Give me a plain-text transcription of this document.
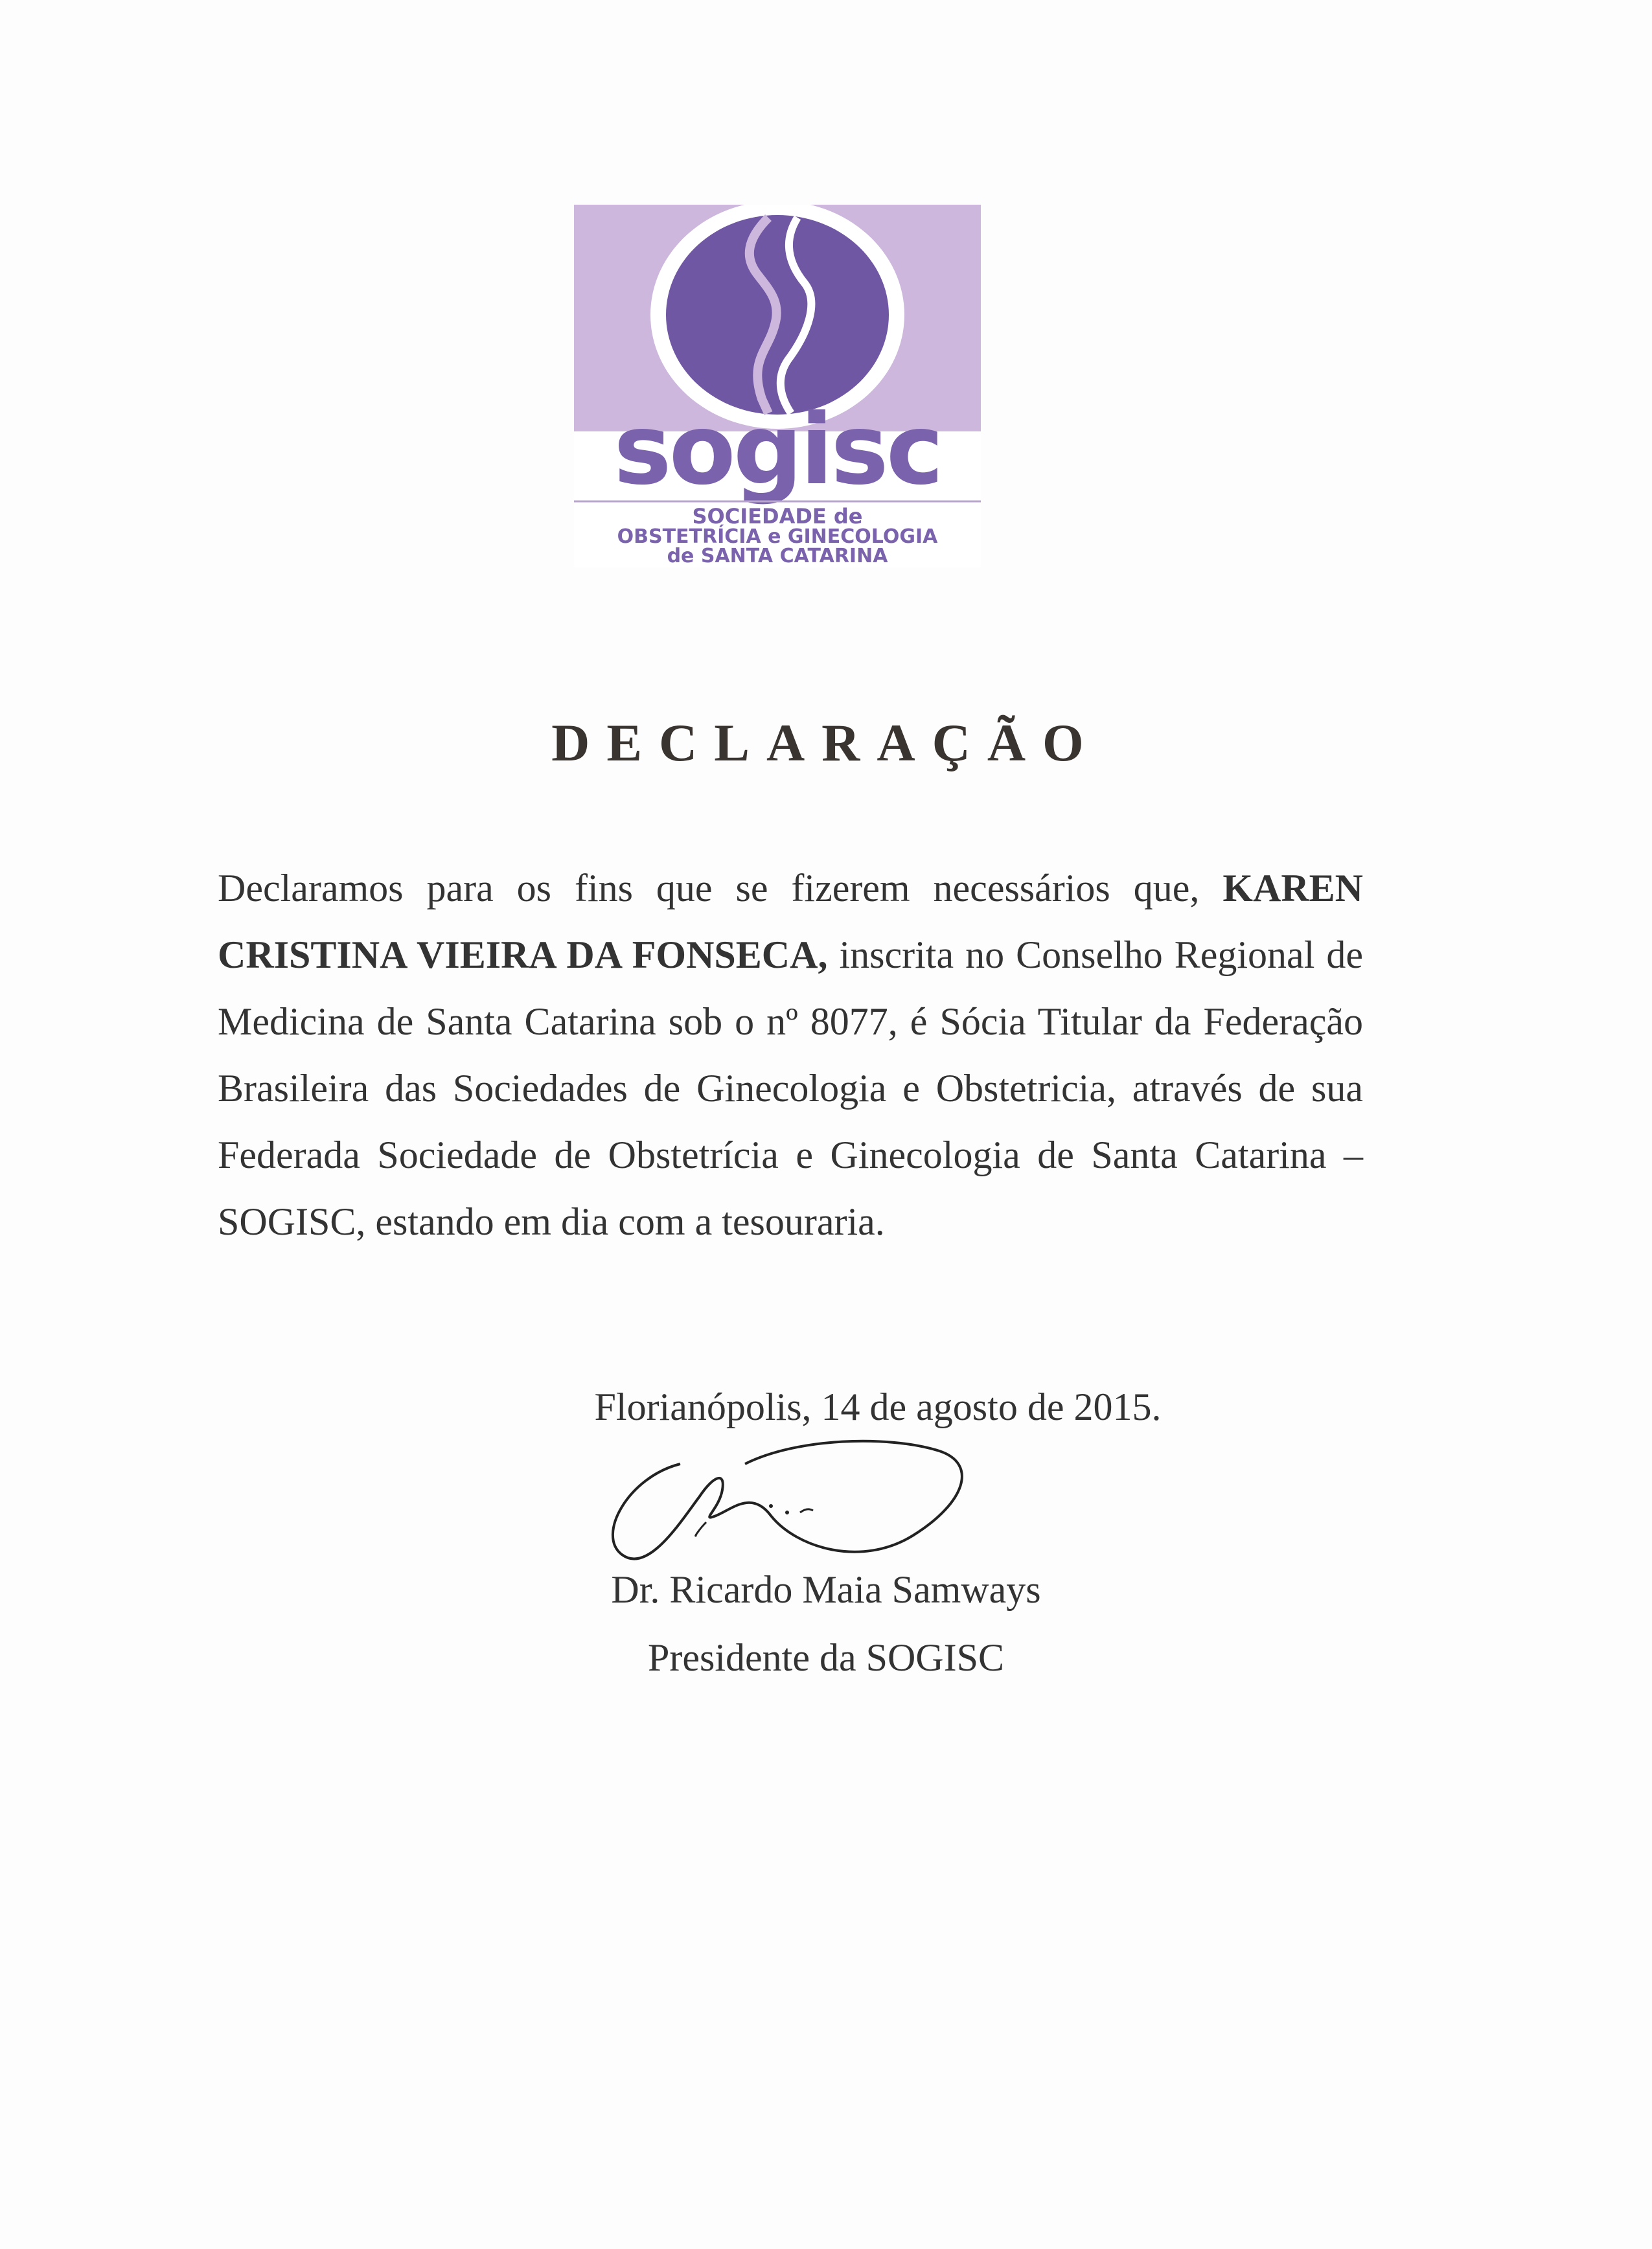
sogisc
SOCIEDADE de
OBSTETRÍCIA e GINECOLOGIA
de SANTA CATARINA
DECLARAÇÃO
Declaramos para os fins que se fizerem necessários que, KAREN CRISTINA VIEIRA DA FONSECA, inscrita no Conselho Regional de Medicina de Santa Catarina sob o nº 8077, é Sócia Titular da Federação Brasileira das Sociedades de Ginecologia e Obstetricia, através de sua Federada Sociedade de Obstetrícia e Ginecologia de Santa Catarina – SOGISC, estando em dia com a tesouraria.
Florianópolis, 14 de agosto de 2015.
Dr. Ricardo Maia Samways
Presidente da SOGISC
